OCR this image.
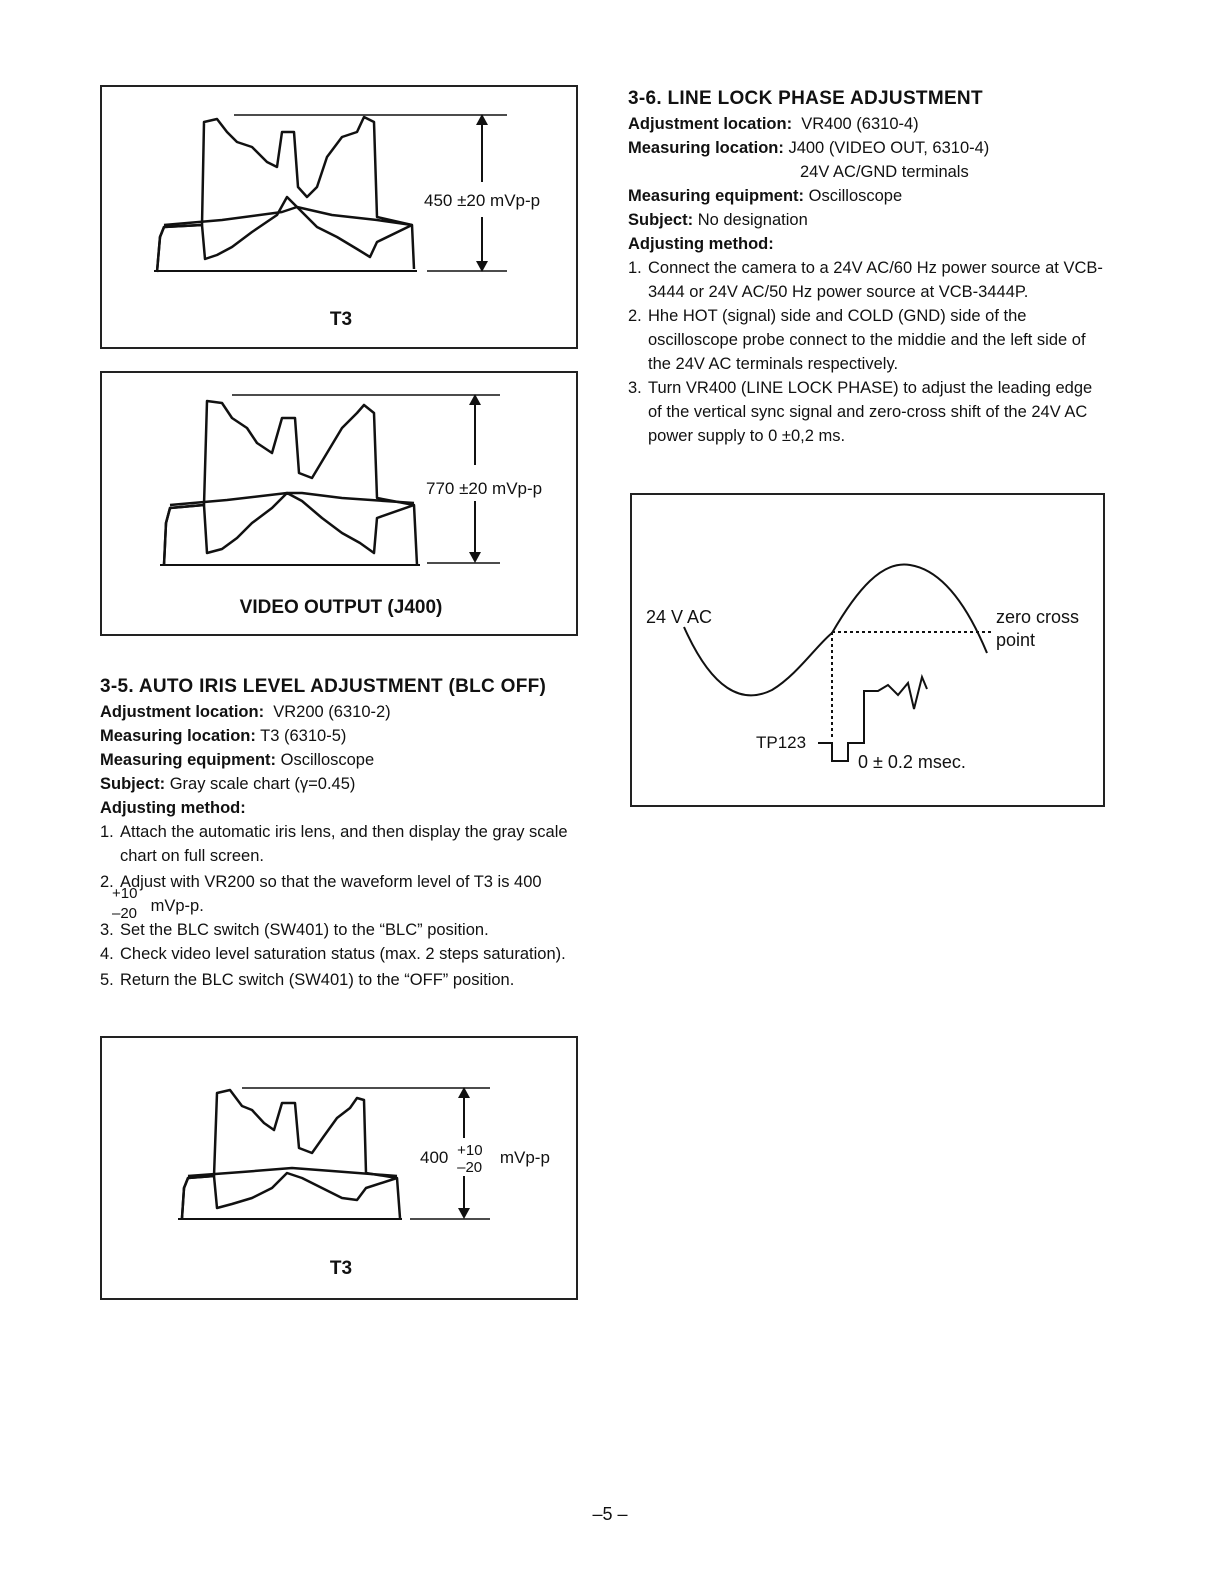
450 ±20 mVp-p
T3
770 ±20 mVp-p
VIDEO OUTPUT (J400)
3-5. AUTO IRIS LEVEL ADJUSTMENT (BLC OFF)
Adjustment location: VR200 (6310-2)
Measuring location: T3 (6310-5)
Measuring equipment: Oscilloscope
Subject: Gray scale chart (γ=0.45)
Adjusting method:
1. Attach the automatic iris lens, and then display the gray scale chart on full screen.
2. Adjust with VR200 so that the waveform level of T3 is 400

+10
–20 mVp-p.
3. Set the BLC switch (SW401) to the “BLC” position.
4. Check video level saturation status (max. 2 steps saturation).
5. Return the BLC switch (SW401) to the “OFF” position.
400 +10
–20
mVp-p
T3
3-6. LINE LOCK PHASE ADJUSTMENT
Adjustment location: VR400 (6310-4)
Measuring location: J400 (VIDEO OUT, 6310-4)
24V AC/GND terminals
Measuring equipment: Oscilloscope
Subject: No designation
Adjusting method:
1. Connect the camera to a 24V AC/60 Hz power source at VCB-3444 or 24V AC/50 Hz power source at VCB-3444P.
2. Hhe HOT (signal) side and COLD (GND) side of the oscilloscope probe connect to the middie and the left side of the 24V AC terminals respectively.
3. Turn VR400 (LINE LOCK PHASE) to adjust the leading edge of the vertical sync signal and zero-cross shift of the 24V AC power supply to 0 ±0,2 ms.
24 V AC	zero cross
point
TP123
0 ± 0.2 msec.
–5 –
